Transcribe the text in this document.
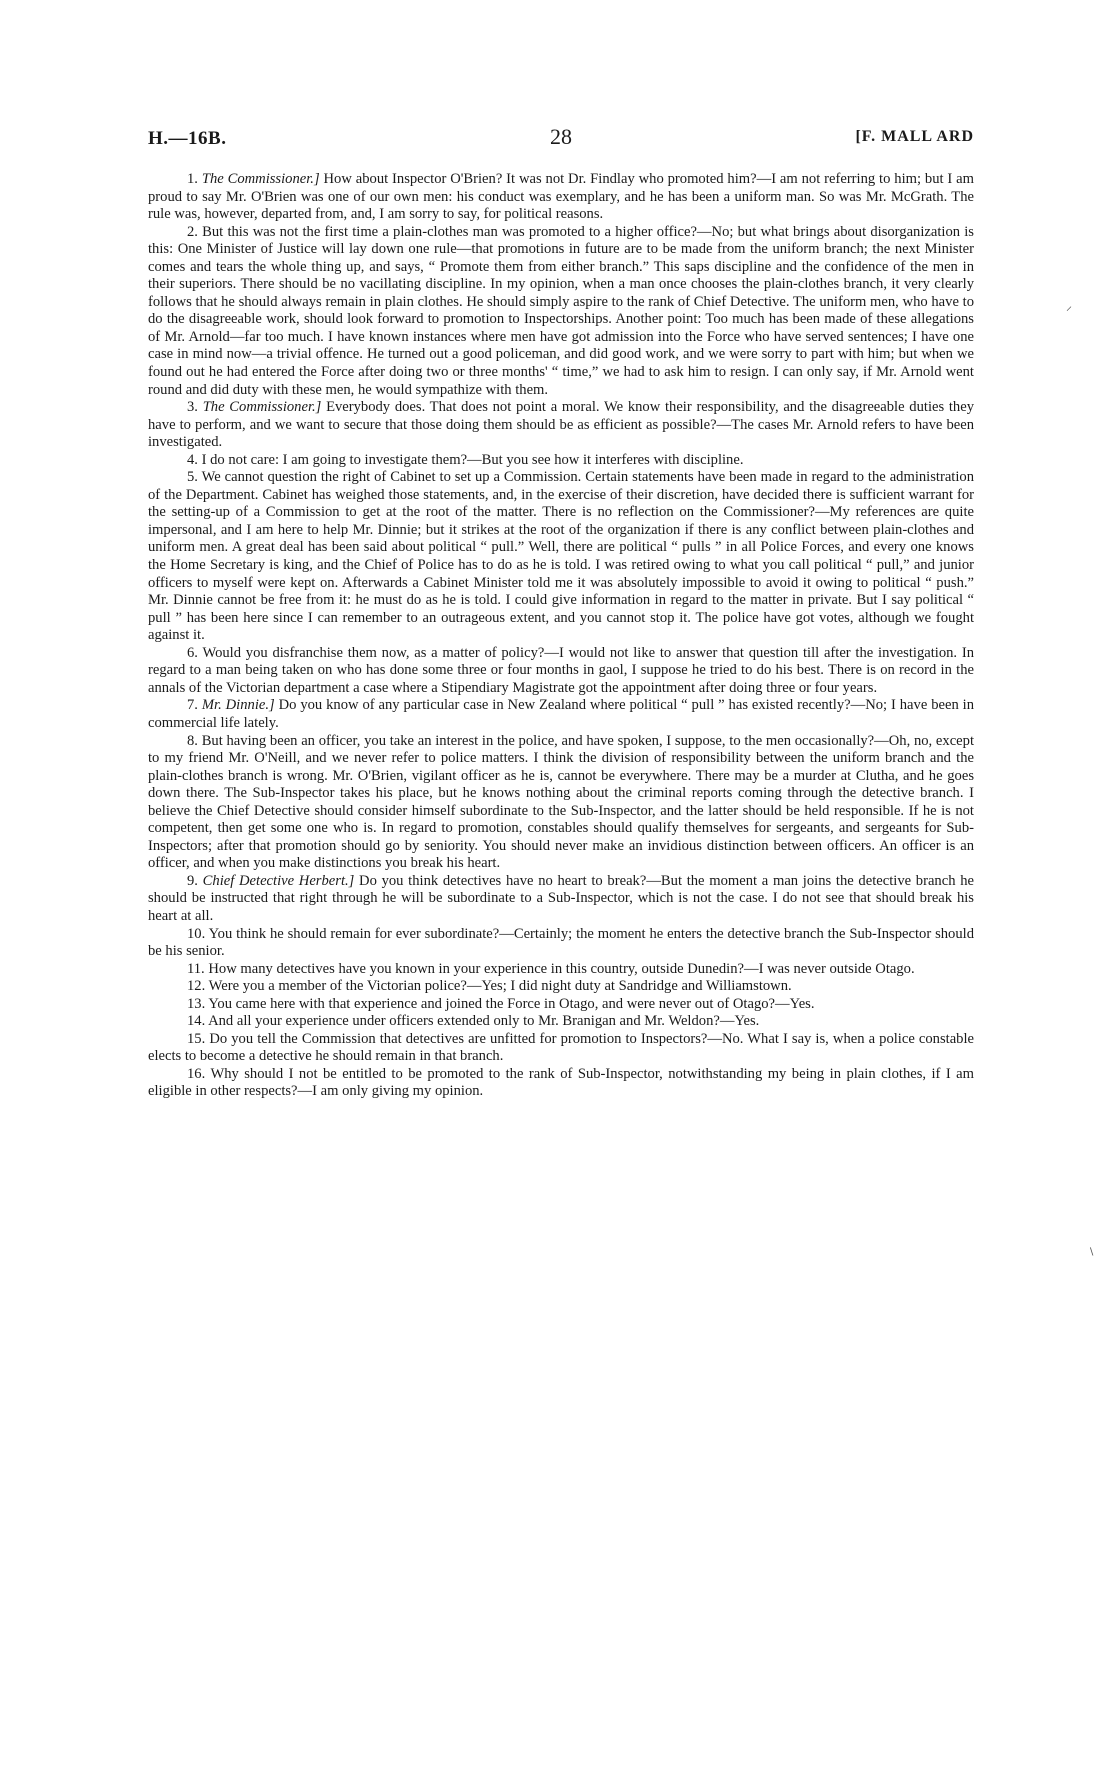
H.—16B.	28	[F. MALL ARD

1. The Commissioner.] How about Inspector O'Brien? It was not Dr. Findlay who promoted him?—I am not referring to him; but I am proud to say Mr. O'Brien was one of our own men: his conduct was exemplary, and he has been a uniform man. So was Mr. McGrath. The rule was, however, departed from, and, I am sorry to say, for political reasons.

2. But this was not the first time a plain-clothes man was promoted to a higher office?—No; but what brings about disorganization is this: One Minister of Justice will lay down one rule—that promotions in future are to be made from the uniform branch; the next Minister comes and tears the whole thing up, and says, “ Promote them from either branch.” This saps discipline and the confidence of the men in their superiors. There should be no vacillating discipline. In my opinion, when a man once chooses the plain-clothes branch, it very clearly follows that he should always remain in plain clothes. He should simply aspire to the rank of Chief Detective. The uniform men, who have to do the disagreeable work, should look forward to promotion to Inspectorships. Another point: Too much has been made of these allegations of Mr. Arnold—far too much. I have known instances where men have got admission into the Force who have served sentences; I have one case in mind now—a trivial offence. He turned out a good policeman, and did good work, and we were sorry to part with him; but when we found out he had entered the Force after doing two or three months' “ time,” we had to ask him to resign. I can only say, if Mr. Arnold went round and did duty with these men, he would sympathize with them.

3. The Commissioner.] Everybody does. That does not point a moral. We know their responsibility, and the disagreeable duties they have to perform, and we want to secure that those doing them should be as efficient as possible?—The cases Mr. Arnold refers to have been investigated.

4. I do not care: I am going to investigate them?—But you see how it interferes with discipline.

5. We cannot question the right of Cabinet to set up a Commission. Certain statements have been made in regard to the administration of the Department. Cabinet has weighed those statements, and, in the exercise of their discretion, have decided there is sufficient warrant for the setting-up of a Commission to get at the root of the matter. There is no reflection on the Commissioner?—My references are quite impersonal, and I am here to help Mr. Dinnie; but it strikes at the root of the organization if there is any conflict between plain-clothes and uniform men. A great deal has been said about political “ pull.” Well, there are political “ pulls ” in all Police Forces, and every one knows the Home Secretary is king, and the Chief of Police has to do as he is told. I was retired owing to what you call political “ pull,” and junior officers to myself were kept on. Afterwards a Cabinet Minister told me it was absolutely impossible to avoid it owing to political “ push.” Mr. Dinnie cannot be free from it: he must do as he is told. I could give information in regard to the matter in private. But I say political “ pull ” has been here since I can remember to an outrageous extent, and you cannot stop it. The police have got votes, although we fought against it.

6. Would you disfranchise them now, as a matter of policy?—I would not like to answer that question till after the investigation. In regard to a man being taken on who has done some three or four months in gaol, I suppose he tried to do his best. There is on record in the annals of the Victorian department a case where a Stipendiary Magistrate got the appointment after doing three or four years.

7. Mr. Dinnie.] Do you know of any particular case in New Zealand where political “ pull ” has existed recently?—No; I have been in commercial life lately.

8. But having been an officer, you take an interest in the police, and have spoken, I suppose, to the men occasionally?—Oh, no, except to my friend Mr. O'Neill, and we never refer to police matters. I think the division of responsibility between the uniform branch and the plain-clothes branch is wrong. Mr. O'Brien, vigilant officer as he is, cannot be everywhere. There may be a murder at Clutha, and he goes down there. The Sub-Inspector takes his place, but he knows nothing about the criminal reports coming through the detective branch. I believe the Chief Detective should consider himself subordinate to the Sub-Inspector, and the latter should be held responsible. If he is not competent, then get some one who is. In regard to promotion, constables should qualify themselves for sergeants, and sergeants for Sub-Inspectors; after that promotion should go by seniority. You should never make an invidious distinction between officers. An officer is an officer, and when you make distinctions you break his heart.

9. Chief Detective Herbert.] Do you think detectives have no heart to break?—But the moment a man joins the detective branch he should be instructed that right through he will be subordinate to a Sub-Inspector, which is not the case. I do not see that should break his heart at all.

10. You think he should remain for ever subordinate?—Certainly; the moment he enters the detective branch the Sub-Inspector should be his senior.

11. How many detectives have you known in your experience in this country, outside Dunedin?—I was never outside Otago.

12. Were you a member of the Victorian police?—Yes; I did night duty at Sandridge and Williamstown.

13. You came here with that experience and joined the Force in Otago, and were never out of Otago?—Yes.

14. And all your experience under officers extended only to Mr. Branigan and Mr. Weldon?—Yes.

15. Do you tell the Commission that detectives are unfitted for promotion to Inspectors?—No. What I say is, when a police constable elects to become a detective he should remain in that branch.

16. Why should I not be entitled to be promoted to the rank of Sub-Inspector, notwithstanding my being in plain clothes, if I am eligible in other respects?—I am only giving my opinion.

⸍
∖
